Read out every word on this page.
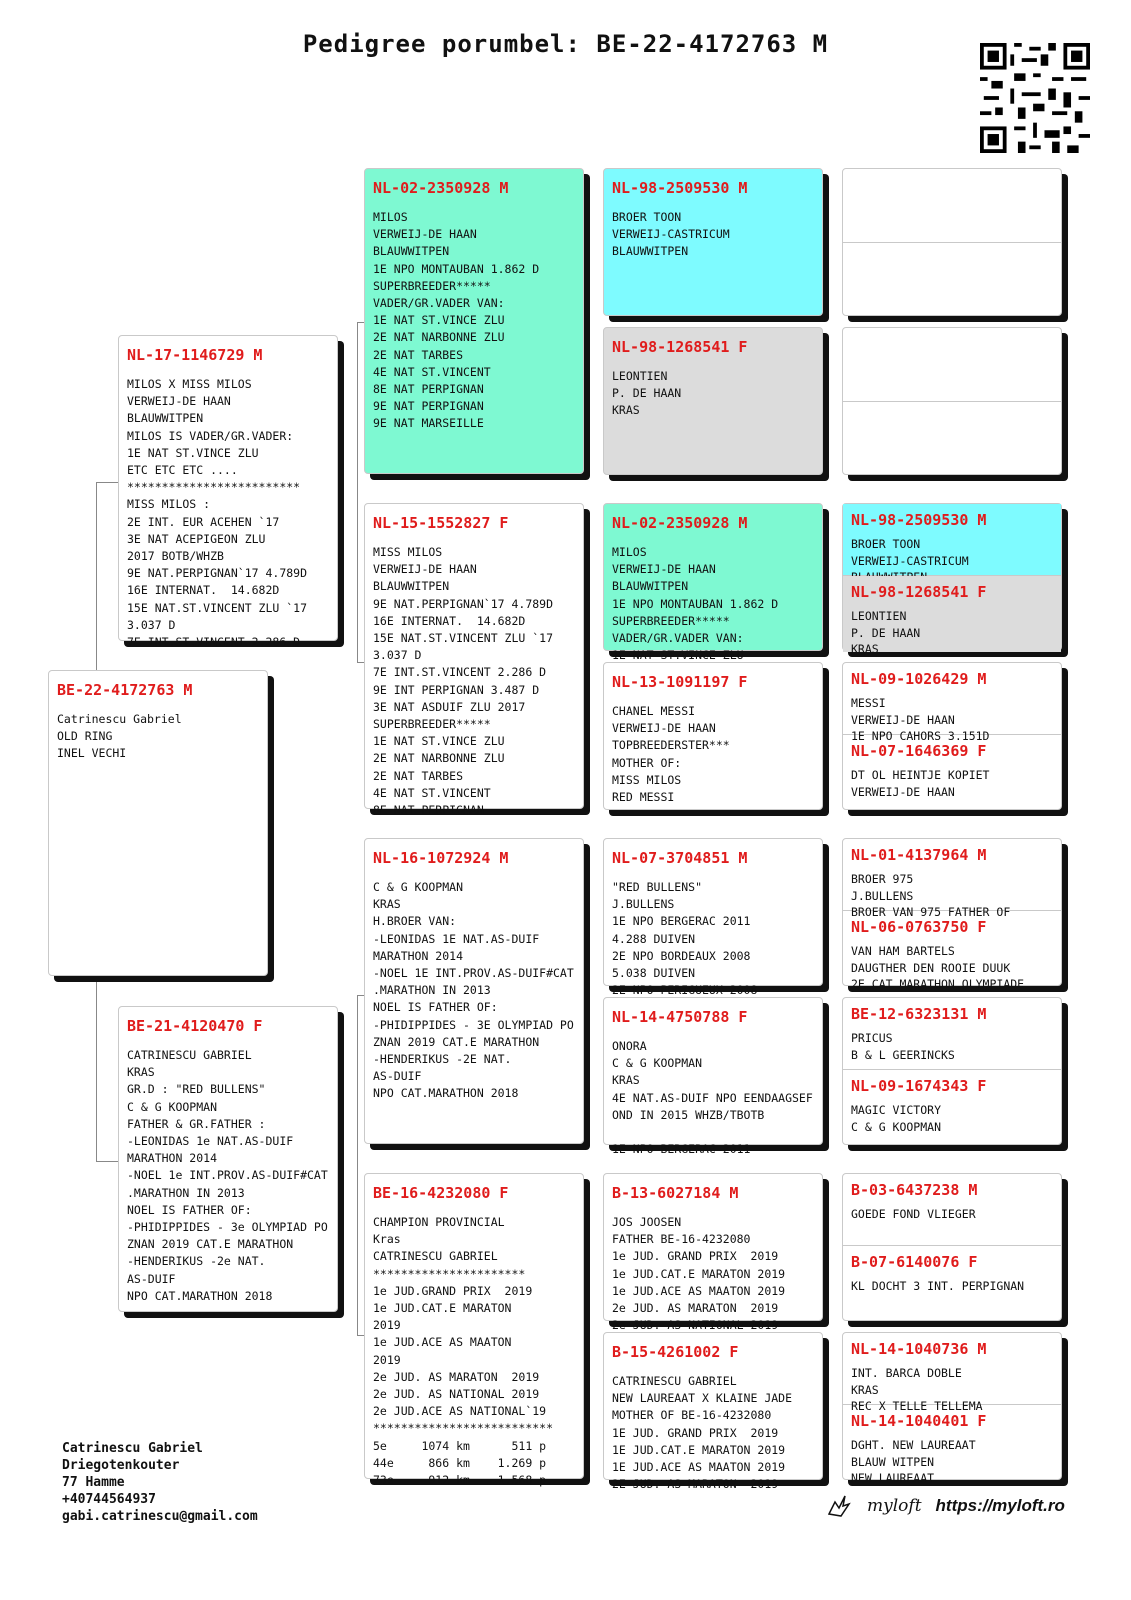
Pedigree porumbel: BE-22-4172763 M
BE-22-4172763 M
Catrinescu Gabriel
OLD RING
INEL VECHI
NL-17-1146729 M
MILOS X MISS MILOS
VERWEIJ-DE HAAN
BLAUWWITPEN
MILOS IS VADER/GR.VADER:
1E NAT ST.VINCE ZLU
ETC ETC ETC ....
*************************
MISS MILOS :
2E INT. EUR ACEHEN `17
3E NAT ACEPIGEON ZLU
2017 BOTB/WHZB
9E NAT.PERPIGNAN`17 4.789D
16E INTERNAT.  14.682D
15E NAT.ST.VINCENT ZLU `17
3.037 D
7E INT.ST.VINCENT 2.286 D
BE-21-4120470 F
CATRINESCU GABRIEL
KRAS
GR.D : "RED BULLENS"
C & G KOOPMAN
FATHER & GR.FATHER :
-LEONIDAS 1e NAT.AS-DUIF
MARATHON 2014
-NOEL 1e INT.PROV.AS-DUIF#CAT
.MARATHON IN 2013
NOEL IS FATHER OF:
-PHIDIPPIDES - 3e OLYMPIAD PO
ZNAN 2019 CAT.E MARATHON
-HENDERIKUS -2e NAT.
AS-DUIF
NPO CAT.MARATHON 2018
--------------------------
NL-02-2350928 M
MILOS
VERWEIJ-DE HAAN
BLAUWWITPEN
1E NPO MONTAUBAN 1.862 D
SUPERBREEDER*****
VADER/GR.VADER VAN:
1E NAT ST.VINCE ZLU
2E NAT NARBONNE ZLU
2E NAT TARBES
4E NAT ST.VINCENT
8E NAT PERPIGNAN
9E NAT PERPIGNAN
9E NAT MARSEILLE
NL-15-1552827 F
MISS MILOS
VERWEIJ-DE HAAN
BLAUWWITPEN
9E NAT.PERPIGNAN`17 4.789D
16E INTERNAT.  14.682D
15E NAT.ST.VINCENT ZLU `17
3.037 D
7E INT.ST.VINCENT 2.286 D
9E INT PERPIGNAN 3.487 D
3E NAT ASDUIF ZLU 2017
SUPERBREEDER*****
1E NAT ST.VINCE ZLU
2E NAT NARBONNE ZLU
2E NAT TARBES
4E NAT ST.VINCENT
8E NAT PERPIGNAN
NL-16-1072924 M
C & G KOOPMAN
KRAS
H.BROER VAN:
-LEONIDAS 1E NAT.AS-DUIF
MARATHON 2014
-NOEL 1E INT.PROV.AS-DUIF#CAT
.MARATHON IN 2013
NOEL IS FATHER OF:
-PHIDIPPIDES - 3E OLYMPIAD PO
ZNAN 2019 CAT.E MARATHON
-HENDERIKUS -2E NAT.
AS-DUIF
NPO CAT.MARATHON 2018
BE-16-4232080 F
CHAMPION PROVINCIAL
Kras
CATRINESCU GABRIEL
**********************
1e JUD.GRAND PRIX  2019
1e JUD.CAT.E MARATON
2019
1e JUD.ACE AS MAATON
2019
2e JUD. AS MARATON  2019
2e JUD. AS NATIONAL 2019
2e JUD.ACE AS NATIONAL`19
**************************
5e     1074 km      511 p
44e     866 km    1.269 p
73e     912 km    1.568 p
NL-98-2509530 M
BROER TOON
VERWEIJ-CASTRICUM
BLAUWWITPEN
NL-98-1268541 F
LEONTIEN
P. DE HAAN
KRAS
NL-02-2350928 M
MILOS
VERWEIJ-DE HAAN
BLAUWWITPEN
1E NPO MONTAUBAN 1.862 D
SUPERBREEDER*****
VADER/GR.VADER VAN:
1E NAT ST.VINCE ZLU
NL-13-1091197 F
CHANEL MESSI
VERWEIJ-DE HAAN
TOPBREEDERSTER***
MOTHER OF:
MISS MILOS
RED MESSI
NL-07-3704851 M
"RED BULLENS"
J.BULLENS
1E NPO BERGERAC 2011
4.288 DUIVEN
2E NPO BORDEAUX 2008
5.038 DUIVEN
2E NPO PERIGUEUX 2008
NL-14-4750788 F
ONORA
C & G KOOPMAN
KRAS
4E NAT.AS-DUIF NPO EENDAAGSEF
OND IN 2015 WHZB/TBOTB

1E NPO BERGERAC 2011
B-13-6027184 M
JOS JOOSEN
FATHER BE-16-4232080
1e JUD. GRAND PRIX  2019
1e JUD.CAT.E MARATON 2019
1e JUD.ACE AS MAATON 2019
2e JUD. AS MARATON  2019
2e JUD. AS NATIONAL 2019
B-15-4261002 F
CATRINESCU GABRIEL
NEW LAUREAAT X KLAINE JADE
MOTHER OF BE-16-4232080
1E JUD. GRAND PRIX  2019
1E JUD.CAT.E MARATON 2019
1E JUD.ACE AS MAATON 2019
2E JUD. AS MARATON  2019
NL-98-2509530 M
BROER TOON
VERWEIJ-CASTRICUM
NL-98-1268541 F
LEONTIEN
P. DE HAAN
KRAS
NL-09-1026429 M
MESSI
VERWEIJ-DE HAAN
1E NPO CAHORS 3.151D
NL-07-1646369 F
DT OL HEINTJE KOPIET
VERWEIJ-DE HAAN
NL-01-4137964 M
BROER 975
J.BULLENS
BROER VAN 975 FATHER OF
NL-06-0763750 F
VAN HAM BARTELS
DAUGTHER DEN ROOIE DUUK
2E CAT MARATHON OLYMPIADE
BE-12-6323131 M
PRICUS
B & L GEERINCKS
NL-09-1674343 F
MAGIC VICTORY
C & G KOOPMAN
B-03-6437238 M
GOEDE FOND VLIEGER
B-07-6140076 F
KL DOCHT 3 INT. PERPIGNAN
NL-14-1040736 M
INT. BARCA DOBLE
KRAS
REC X TELLE TELLEMA
NL-14-1040401 F
DGHT. NEW LAUREAAT
BLAUW WITPEN
NEW LAUREAAT
Catrinescu Gabriel
Driegotenkouter
77 Hamme
+40744564937
gabi.catrinescu@gmail.com
myloft https://myloft.ro
